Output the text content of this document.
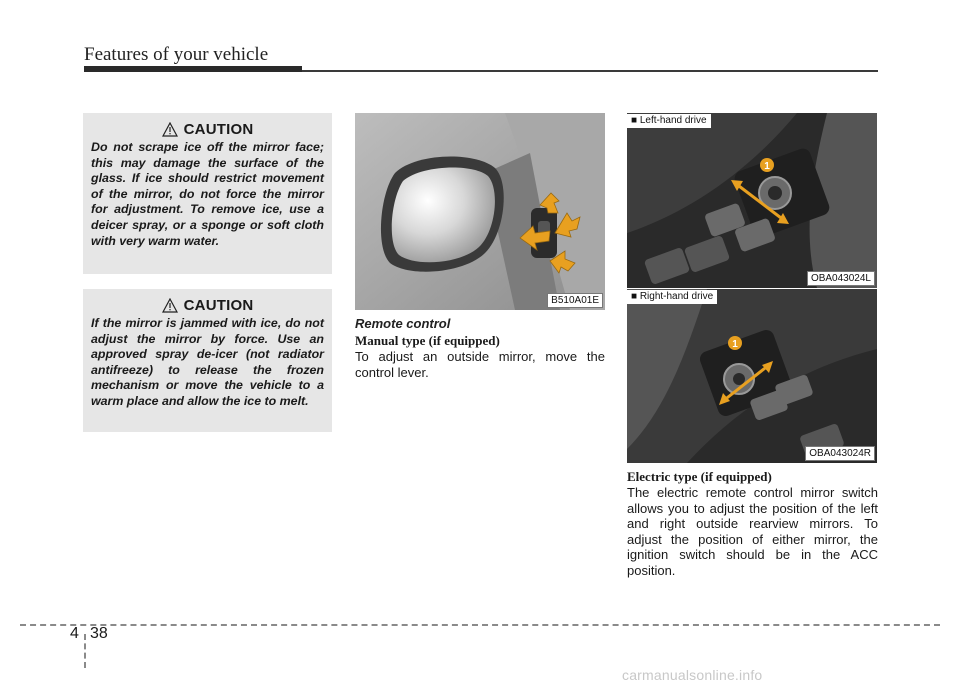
Features of your vehicle
CAUTION

Do not scrape ice off the mirror face; this may damage the surface of the glass. If ice should restrict movement of the mirror, do not force the mirror for adjustment. To remove ice, use a deicer spray, or a sponge or soft cloth with very warm water.

CAUTION

If the mirror is jammed with ice, do not adjust the mirror by force. Use an approved spray de-icer (not radiator antifreeze) to release the frozen mechanism or move the vehicle to a warm place and allow the ice to melt.

B510A01E
1
■ Left-hand drive
OBA043024L
1
■ Right-hand drive
OBA043024R
Remote control
Manual type (if equipped)

To adjust an outside mirror, move the control lever.

Electric type (if equipped)

The electric remote control mirror switch allows you to adjust the position of the left and right outside rearview mirrors. To adjust the position of either mirror, the ignition switch should be in the ACC position.

4 38
carmanualsonline.info
